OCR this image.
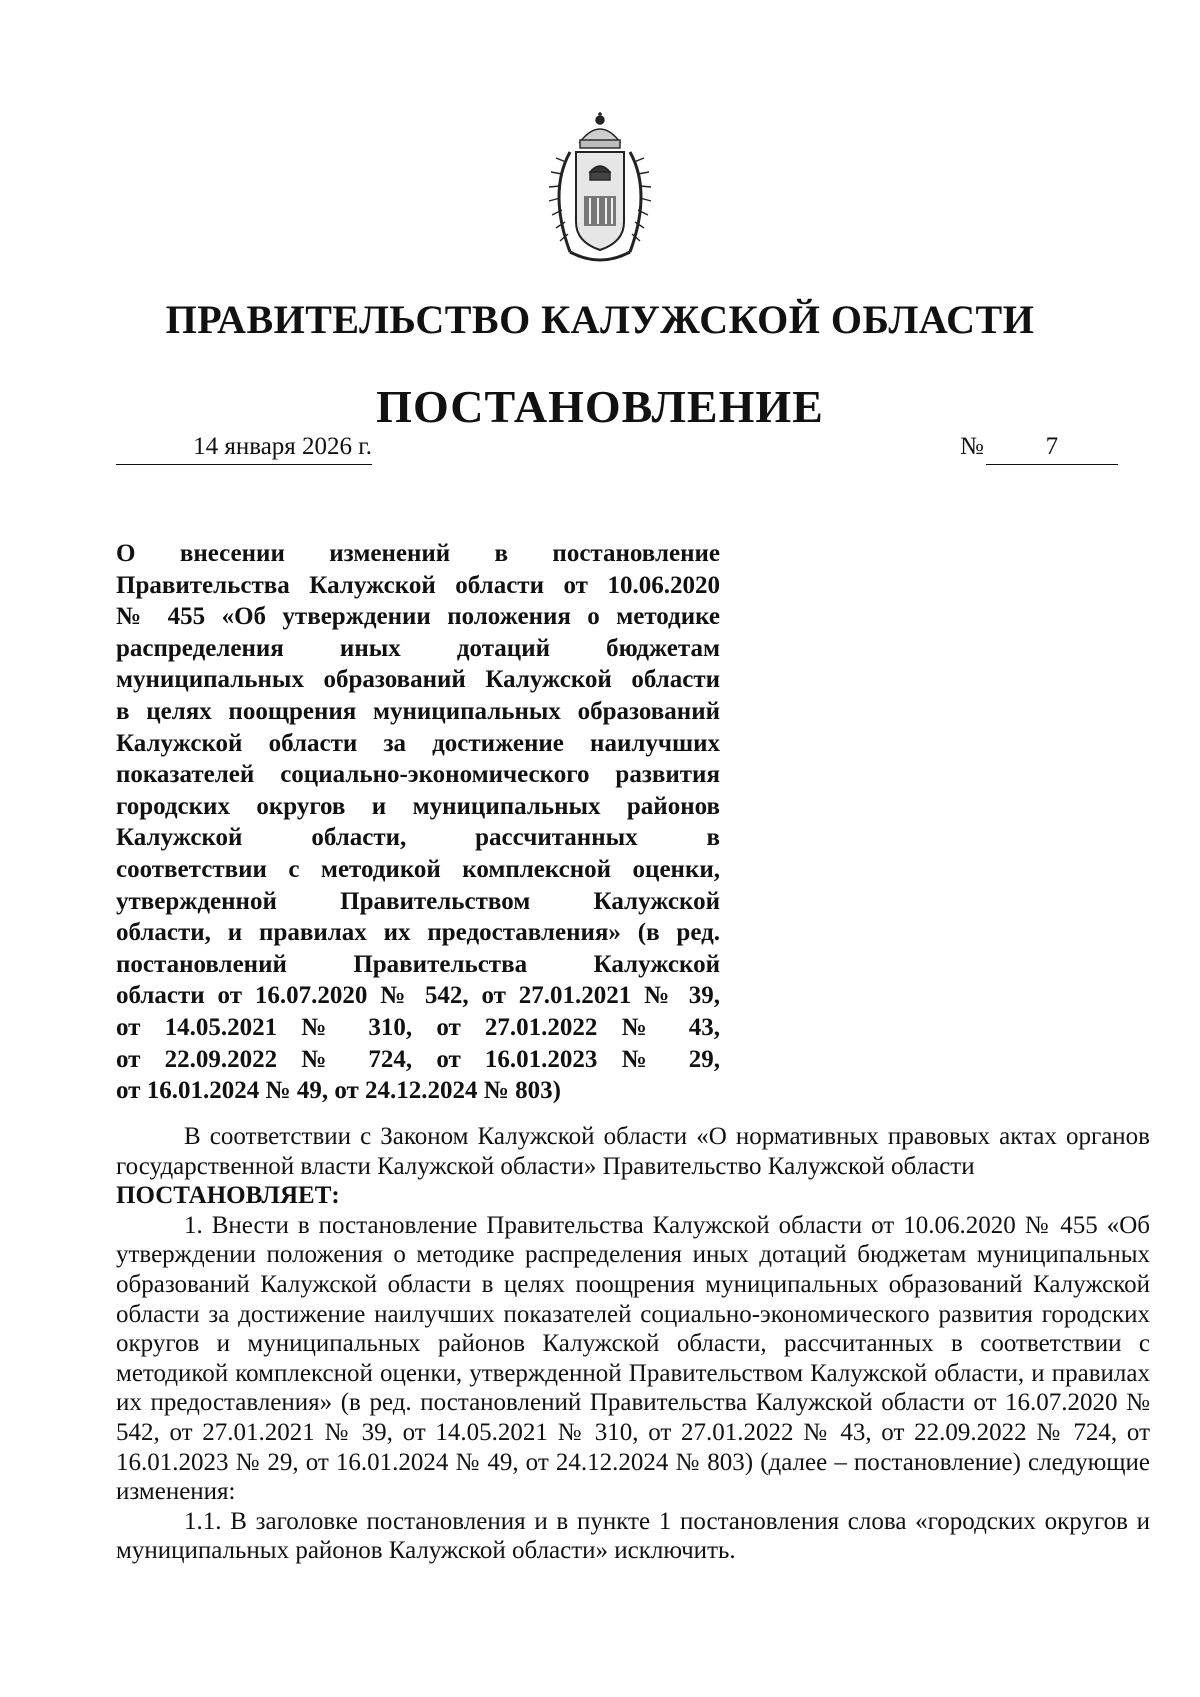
ПРАВИТЕЛЬСТВО КАЛУЖСКОЙ ОБЛАСТИ
ПОСТАНОВЛЕНИЕ
14 января 2026 г.	№ 7
О внесении изменений в постановление
Правительства Калужской области от 10.06.2020
№ 455 «Об утверждении положения о методике
распределения иных дотаций бюджетам
муниципальных образований Калужской области
в целях поощрения муниципальных образований
Калужской области за достижение наилучших
показателей социально-экономического развития
городских округов и муниципальных районов
Калужской области, рассчитанных в
соответствии с методикой комплексной оценки,
утвержденной Правительством Калужской
области, и правилах их предоставления» (в ред.
постановлений Правительства Калужской
области от 16.07.2020 № 542, от 27.01.2021 № 39,
от 14.05.2021 № 310, от 27.01.2022 № 43,
от 22.09.2022 № 724, от 16.01.2023 № 29,
от 16.01.2024 № 49, от 24.12.2024 № 803)

В соответствии с Законом Калужской области «О нормативных правовых актах органов государственной власти Калужской области» Правительство Калужской области
ПОСТАНОВЛЯЕТ:

1. Внести в постановление Правительства Калужской области от 10.06.2020 № 455 «Об утверждении положения о методике распределения иных дотаций бюджетам муниципальных образований Калужской области в целях поощрения муниципальных образований Калужской области за достижение наилучших показателей социально-экономического развития городских округов и муниципальных районов Калужской области, рассчитанных в соответствии с методикой комплексной оценки, утвержденной Правительством Калужской области, и правилах их предоставления» (в ред. постановлений Правительства Калужской области от 16.07.2020 № 542, от 27.01.2021 № 39, от 14.05.2021 № 310, от 27.01.2022 № 43, от 22.09.2022 № 724, от 16.01.2023 № 29, от 16.01.2024 № 49, от 24.12.2024 № 803) (далее – постановление) следующие изменения:

1.1. В заголовке постановления и в пункте 1 постановления слова «городских округов и муниципальных районов Калужской области» исключить.
